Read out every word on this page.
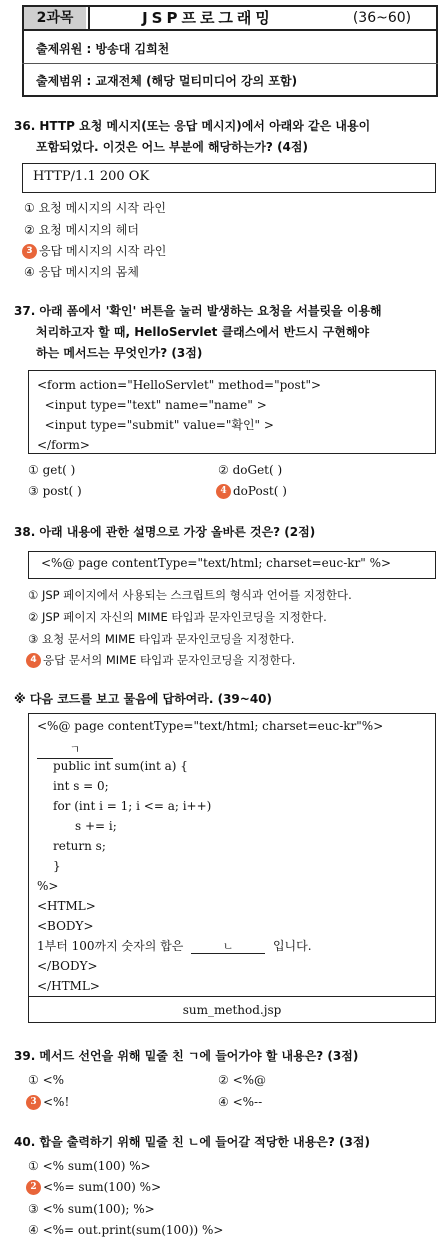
2과목	JSP프로그래밍	(36~60)
출제위원 : 방송대 김희천
출제범위 : 교재전체 (해당 멀티미디어 강의 포함)
36. HTTP 요청 메시지(또는 응답 메시지)에서 아래와 같은 내용이
포함되었다. 이것은 어느 부분에 해당하는가? (4점)
HTTP/1.1 200 OK
① 요청 메시지의 시작 라인
② 요청 메시지의 헤더
3 응답 메시지의 시작 라인
④ 응답 메시지의 몸체
37. 아래 폼에서 '확인' 버튼을 눌러 발생하는 요청을 서블릿을 이용해
처리하고자 할 때, HelloServlet 클래스에서 반드시 구현해야
하는 메서드는 무엇인가? (3점)
<form action="HelloServlet" method="post">
<input type="text" name="name" >
<input type="submit" value="확인" >
</form>
① get( )	② doGet( )
③ post( )	4 doPost( )
38. 아래 내용에 관한 설명으로 가장 올바른 것은? (2점)
<%@ page contentType="text/html; charset=euc-kr" %>
① JSP 페이지에서 사용되는 스크립트의 형식과 언어를 지정한다.
② JSP 페이지 자신의 MIME 타입과 문자인코딩을 지정한다.
③ 요청 문서의 MIME 타입과 문자인코딩을 지정한다.
4 응답 문서의 MIME 타입과 문자인코딩을 지정한다.
※ 다음 코드를 보고 물음에 답하여라. (39~40)
<%@ page contentType="text/html; charset=euc-kr"%>
ㄱ
public int sum(int a) {
int s = 0;
for (int i = 1; i <= a; i++)
s += i;
return s;
}
%>
<HTML>
<BODY>
1부터 100까지 숫자의 합은	ㄴ	입니다.
</BODY>
</HTML>
sum_method.jsp
39. 메서드 선언을 위해 밑줄 친 ㄱ에 들어가야 할 내용은? (3점)
① <%	② <%@
3 <%!	④ <%--
40. 합을 출력하기 위해 밑줄 친 ㄴ에 들어갈 적당한 내용은? (3점)
① <% sum(100) %>
2 <%= sum(100) %>
③ <% sum(100); %>
④ <%= out.print(sum(100)) %>
